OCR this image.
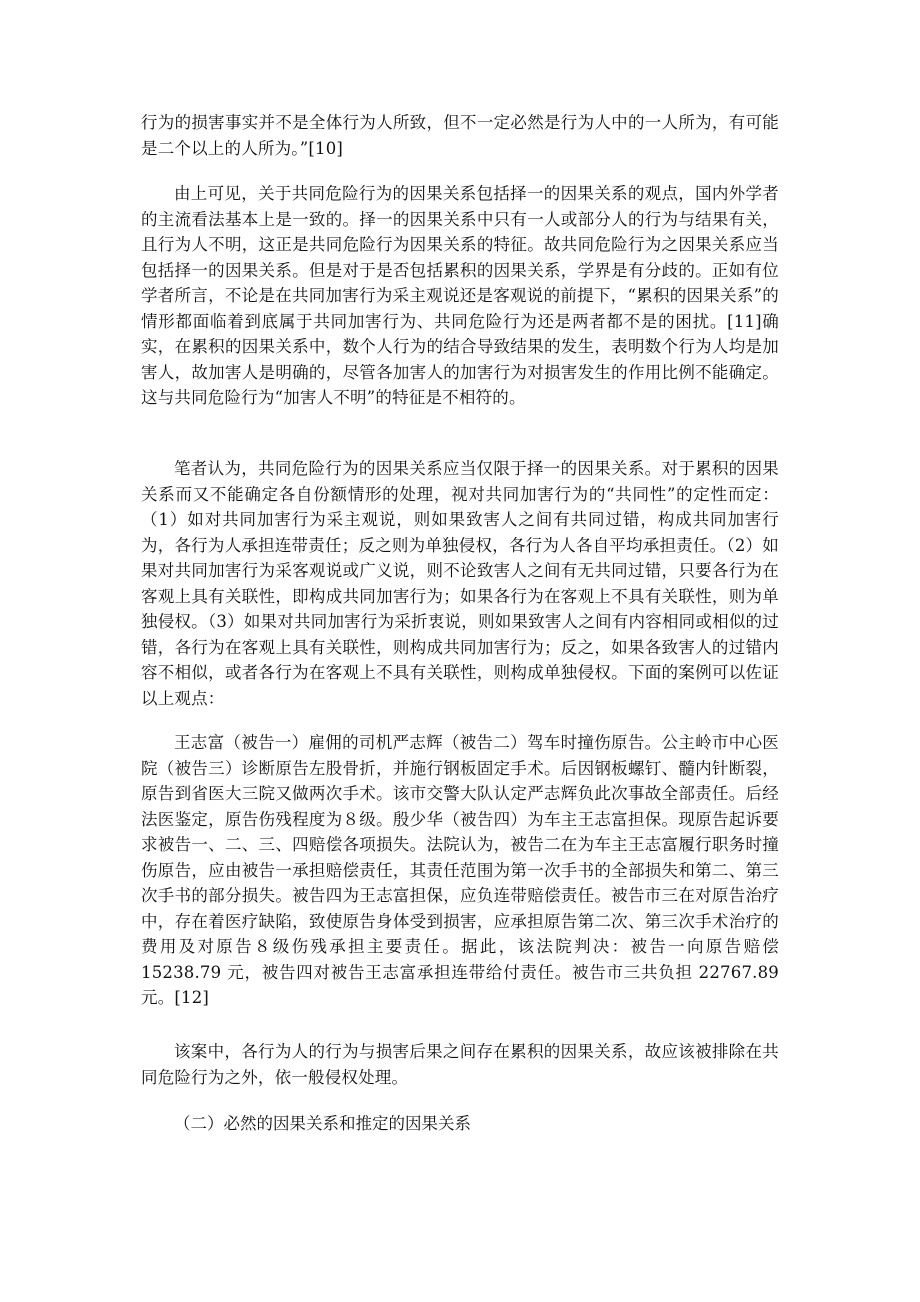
行为的损害事实并不是全体行为人所致，但不一定必然是行为人中的一人所为，有可能是二个以上的人所为。”[10]

由上可见，关于共同危险行为的因果关系包括择一的因果关系的观点，国内外学者的主流看法基本上是一致的。择一的因果关系中只有一人或部分人的行为与结果有关，且行为人不明，这正是共同危险行为因果关系的特征。故共同危险行为之因果关系应当包括择一的因果关系。但是对于是否包括累积的因果关系，学界是有分歧的。正如有位学者所言，不论是在共同加害行为采主观说还是客观说的前提下，“累积的因果关系”的情形都面临着到底属于共同加害行为、共同危险行为还是两者都不是的困扰。[11]确实，在累积的因果关系中，数个人行为的结合导致结果的发生，表明数个行为人均是加害人，故加害人是明确的，尽管各加害人的加害行为对损害发生的作用比例不能确定。这与共同危险行为“加害人不明”的特征是不相符的。

笔者认为，共同危险行为的因果关系应当仅限于择一的因果关系。对于累积的因果关系而又不能确定各自份额情形的处理，视对共同加害行为的“共同性”的定性而定：（1）如对共同加害行为采主观说，则如果致害人之间有共同过错，构成共同加害行为，各行为人承担连带责任；反之则为单独侵权，各行为人各自平均承担责任。（2）如果对共同加害行为采客观说或广义说，则不论致害人之间有无共同过错，只要各行为在客观上具有关联性，即构成共同加害行为；如果各行为在客观上不具有关联性，则为单独侵权。（3）如果对共同加害行为采折衷说，则如果致害人之间有内容相同或相似的过错，各行为在客观上具有关联性，则构成共同加害行为；反之，如果各致害人的过错内容不相似，或者各行为在客观上不具有关联性，则构成单独侵权。下面的案例可以佐证以上观点：

王志富（被告一）雇佣的司机严志辉（被告二）驾车时撞伤原告。公主岭市中心医院（被告三）诊断原告左股骨折，并施行钢板固定手术。后因钢板螺钉、髓内针断裂，原告到省医大三院又做两次手术。该市交警大队认定严志辉负此次事故全部责任。后经法医鉴定，原告伤残程度为８级。殷少华（被告四）为车主王志富担保。现原告起诉要求被告一、二、三、四赔偿各项损失。法院认为，被告二在为车主王志富履行职务时撞伤原告，应由被告一承担赔偿责任，其责任范围为第一次手书的全部损失和第二、第三次手书的部分损失。被告四为王志富担保，应负连带赔偿责任。被告市三在对原告治疗中，存在着医疗缺陷，致使原告身体受到损害，应承担原告第二次、第三次手术治疗的费用及对原告８级伤残承担主要责任。据此，该法院判决：被告一向原告赔偿 15238.79 元，被告四对被告王志富承担连带给付责任。被告市三共负担 22767.89 元。[12]

该案中，各行为人的行为与损害后果之间存在累积的因果关系，故应该被排除在共同危险行为之外，依一般侵权处理。

（二）必然的因果关系和推定的因果关系
